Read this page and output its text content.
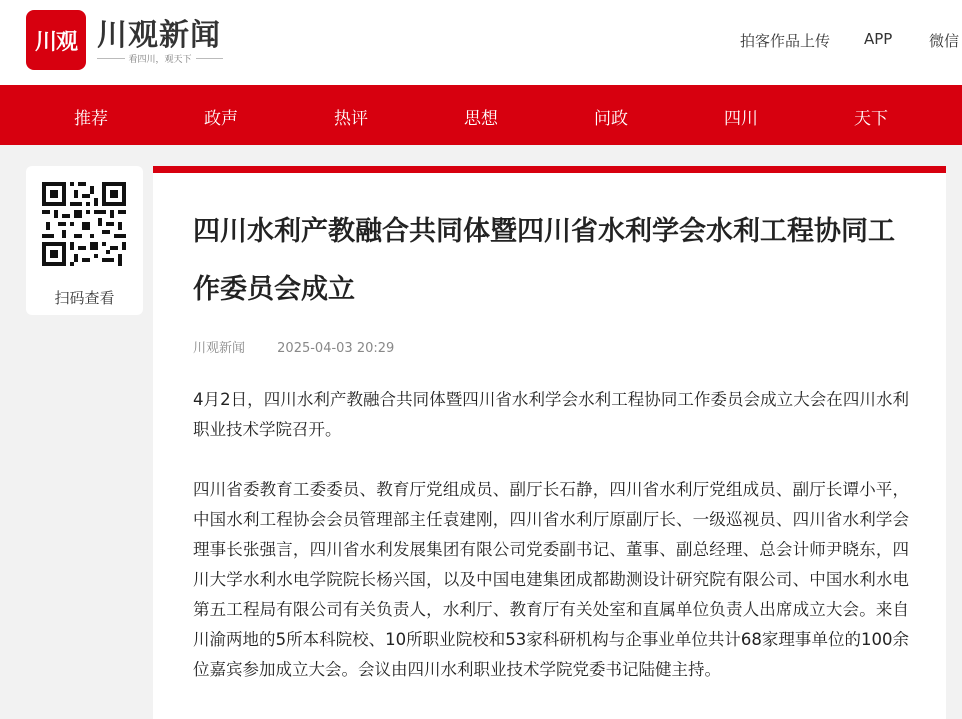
川观 川观新闻
看四川，观天下
拍客作品上传 APP 微信
推荐	政声	热评	思想	问政	四川	天下
扫码查看
四川水利产教融合共同体暨四川省水利学会水利工程协同工作委员会成立
川观新闻 2025-04-03 20:29

4月2日，四川水利产教融合共同体暨四川省水利学会水利工程协同工作委员会成立大会在四川水利职业技术学院召开。

四川省委教育工委委员、教育厅党组成员、副厅长石静，四川省水利厅党组成员、副厅长谭小平，中国水利工程协会会员管理部主任袁建刚，四川省水利厅原副厅长、一级巡视员、四川省水利学会理事长张强言，四川省水利发展集团有限公司党委副书记、董事、副总经理、总会计师尹晓东，四川大学水利水电学院院长杨兴国，以及中国电建集团成都勘测设计研究院有限公司、中国水利水电第五工程局有限公司有关负责人，水利厅、教育厅有关处室和直属单位负责人出席成立大会。来自川渝两地的5所本科院校、10所职业院校和53家科研机构与企事业单位共计68家理事单位的100余位嘉宾参加成立大会。会议由四川水利职业技术学院党委书记陆健主持。
